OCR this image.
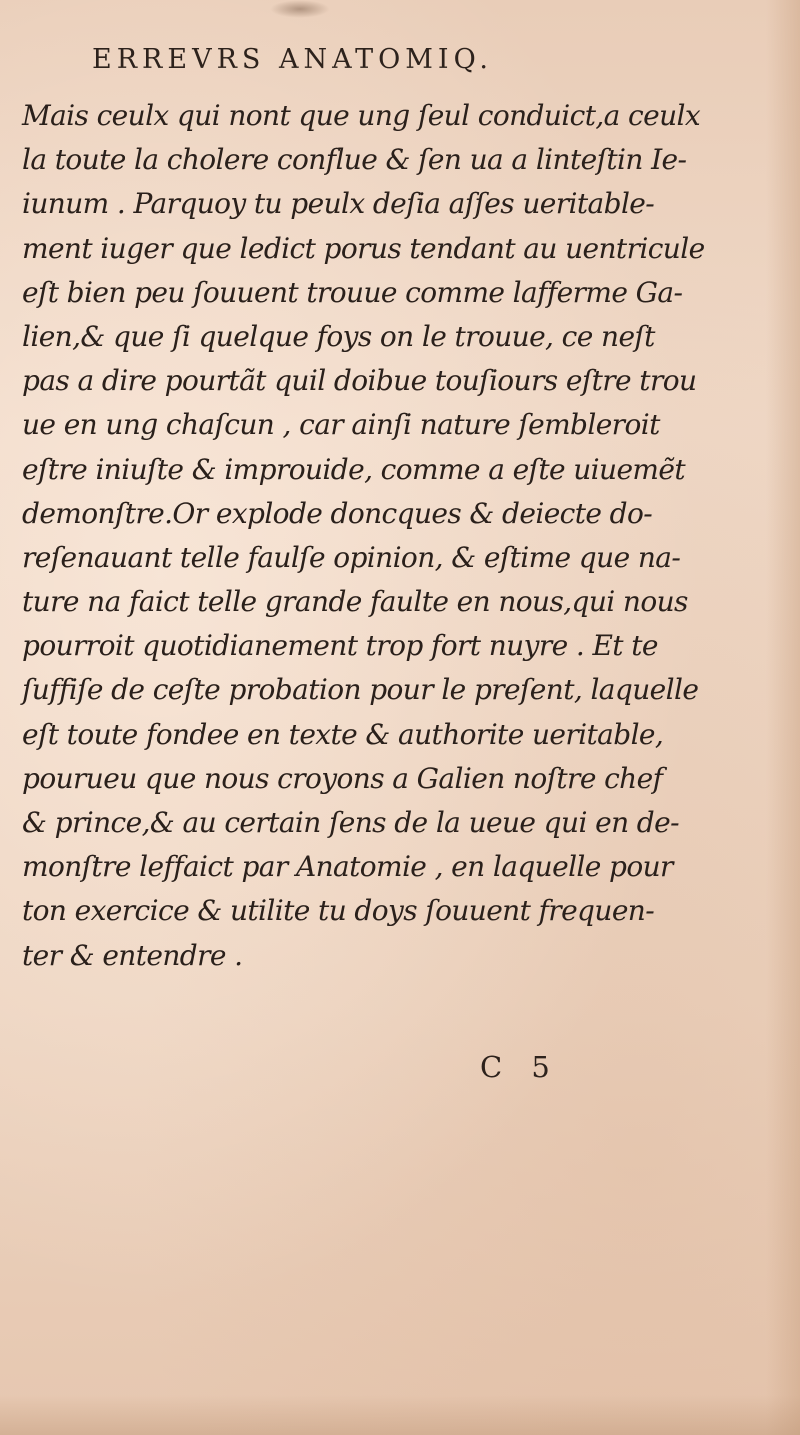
ERREVRS ANATOMIQ.
Mais ceulx qui nont que ung ſeul conduict,a ceulx
la toute la cholere conflue & ſen ua a linteſtin Ie-
iunum . Parquoy tu peulx deſia aſſes ueritable-
ment iuger que ledict porus tendant au uentricule
eſt bien peu ſouuent trouue comme lafferme Ga-
lien,& que ſi quelque foys on le trouue, ce neſt
pas a dire pourtãt quil doibue touſiours eſtre trou
ue en ung chaſcun , car ainſi nature ſembleroit
eſtre iniuſte & improuide, comme a eſte uiuemẽt
demonſtre.Or explode doncques & deiecte do-
reſenauant telle faulſe opinion, & eſtime que na-
ture na faict telle grande faulte en nous,qui nous
pourroit quotidianement trop fort nuyre . Et te
ſuffiſe de ceſte probation pour le preſent, laquelle
eſt toute fondee en texte & authorite ueritable,
pourueu que nous croyons a Galien noſtre chef
& prince,& au certain ſens de la ueue qui en de-
monſtre leffaict par Anatomie , en laquelle pour
ton exercice & utilite tu doys ſouuent frequen-
ter & entendre .
C 5
